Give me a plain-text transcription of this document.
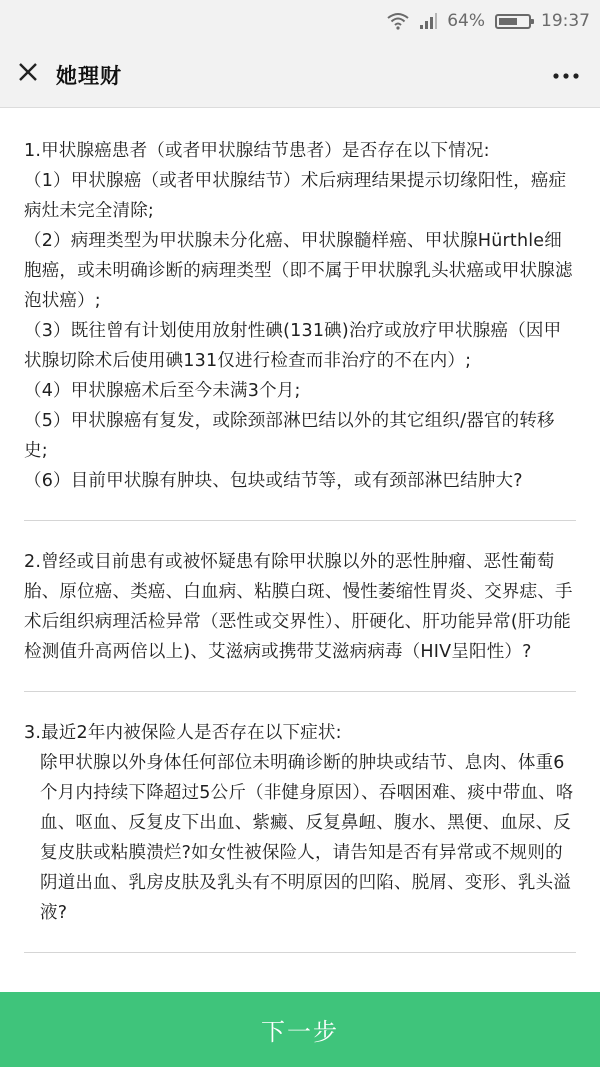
64%	19:37
她理财

1.甲状腺癌患者（或者甲状腺结节患者）是否存在以下情况:

（1）甲状腺癌（或者甲状腺结节）术后病理结果提示切缘阳性，癌症病灶未完全清除;

（2）病理类型为甲状腺未分化癌、甲状腺髓样癌、甲状腺Hürthle细胞癌，或未明确诊断的病理类型（即不属于甲状腺乳头状癌或甲状腺滤泡状癌）;

（3）既往曾有计划使用放射性碘(131碘)治疗或放疗甲状腺癌（因甲状腺切除术后使用碘131仅进行检查而非治疗的不在内）;

（4）甲状腺癌术后至今未满3个月;

（5）甲状腺癌有复发，或除颈部淋巴结以外的其它组织/器官的转移史;

（6）目前甲状腺有肿块、包块或结节等，或有颈部淋巴结肿大?

2.曾经或目前患有或被怀疑患有除甲状腺以外的恶性肿瘤、恶性葡萄胎、原位癌、类癌、白血病、粘膜白斑、慢性萎缩性胃炎、交界痣、手术后组织病理活检异常（恶性或交界性）、肝硬化、肝功能异常(肝功能检测值升高两倍以上)、艾滋病或携带艾滋病病毒（HIV呈阳性）?

3.最近2年内被保险人是否存在以下症状:

除甲状腺以外身体任何部位未明确诊断的肿块或结节、息肉、体重6个月内持续下降超过5公斤（非健身原因）、吞咽困难、痰中带血、咯血、呕血、反复皮下出血、紫癜、反复鼻衄、腹水、黑便、血尿、反复皮肤或粘膜溃烂?如女性被保险人，请告知是否有异常或不规则的阴道出血、乳房皮肤及乳头有不明原因的凹陷、脱屑、变形、乳头溢液?

下一步
